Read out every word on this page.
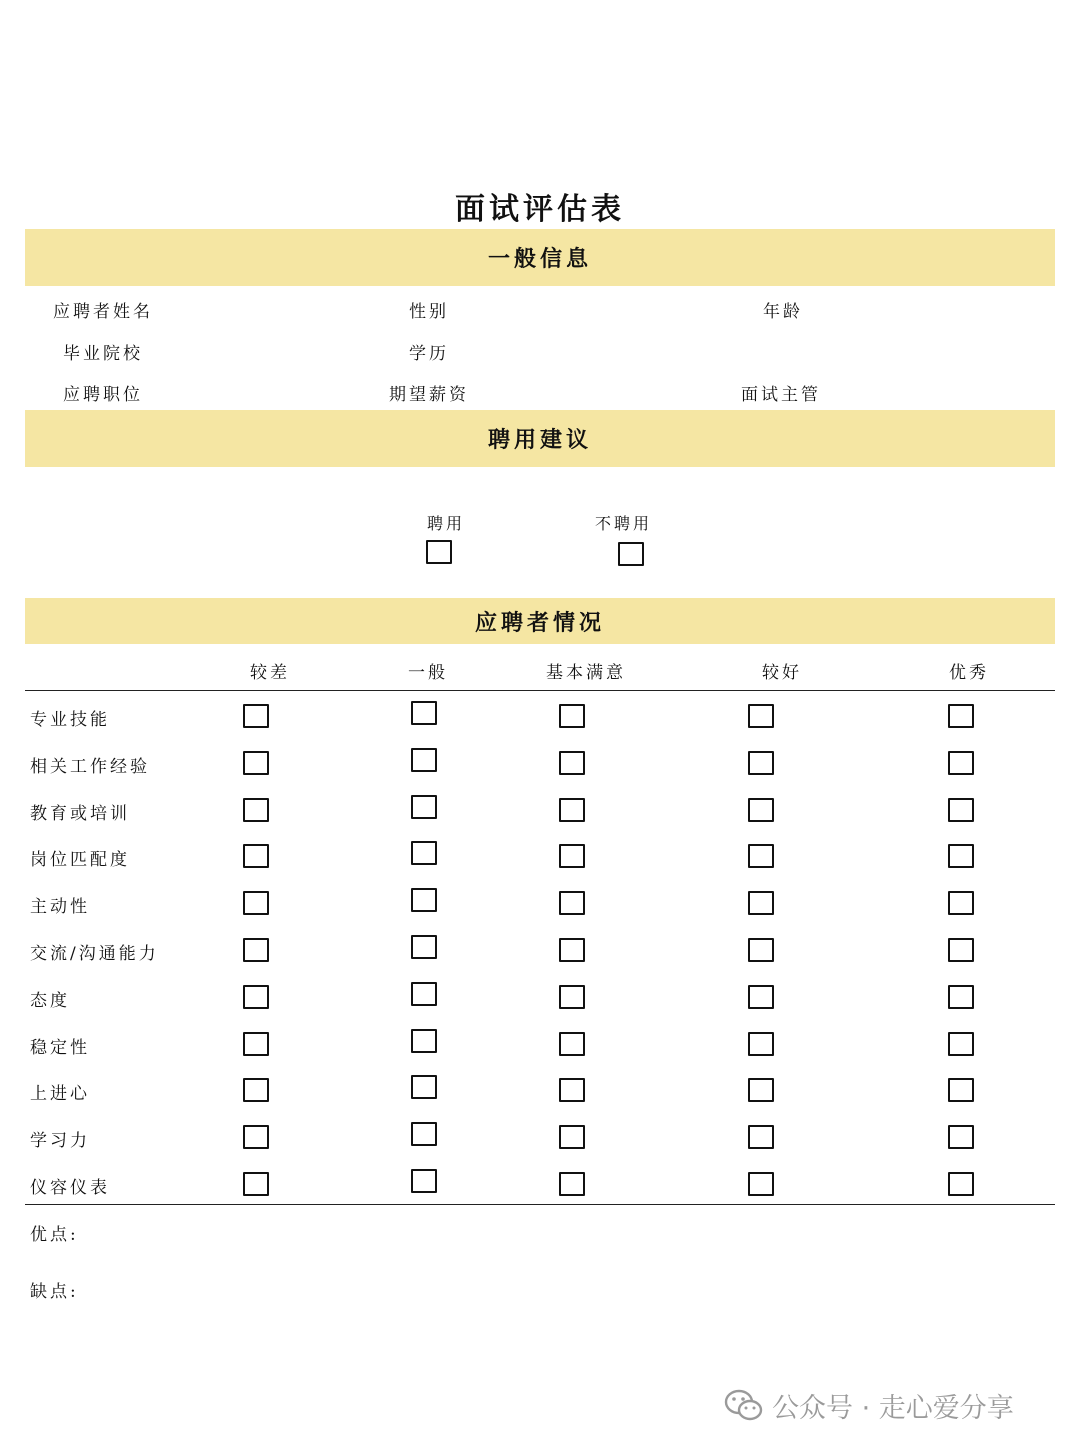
面试评估表
一般信息
应聘者姓名	性别	年龄
毕业院校	学历
应聘职位	期望薪资	面试主管
聘用建议
聘用	不聘用
应聘者情况
较差	一般	基本满意	较好	优秀
专业技能
相关工作经验
教育或培训
岗位匹配度
主动性
交流/沟通能力
态度
稳定性
上进心
学习力
仪容仪表
优点:
缺点:
公众号 · 走心爱分享
